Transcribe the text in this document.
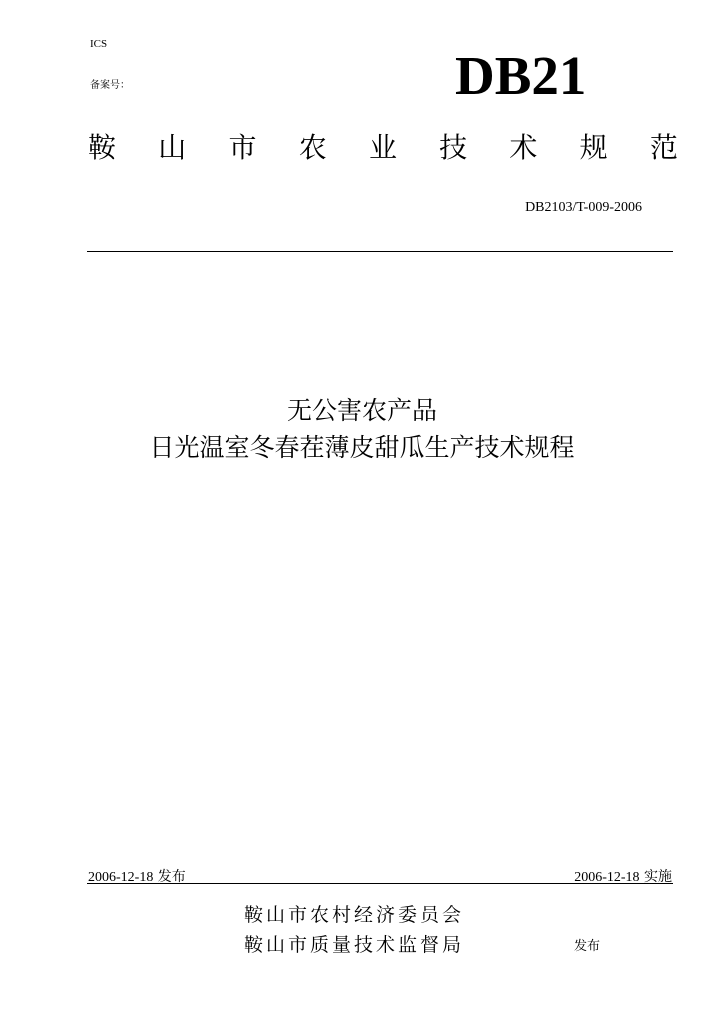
ICS
备案号：	DB21
鞍 山 市 农 业 技 术 规 范
DB2103/T-009-2006
无公害农产品
日光温室冬春茬薄皮甜瓜生产技术规程
2006-12-18 发布	2006-12-18 实施
鞍山市农村经济委员会
鞍山市质量技术监督局	发布
